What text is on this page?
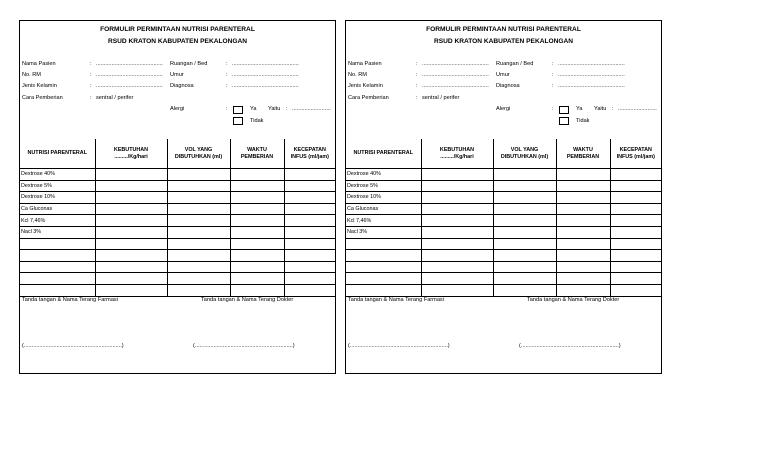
FORMULIR PERMINTAAN NUTRISI PARENTERAL
RSUD KRATON KABUPATEN PEKALONGAN
Nama Pasien	: ........................................... Ruangan / Bed	: ...........................................
No. RM	: ........................................... Umur	: ...........................................
Jenis Kelamin	: ........................................... Diagnosa	: ...........................................
Cara Pemberian	: sentral / perifer
Alergi	:	Ya Yaitu : .........................
Tidak
NUTRISI PARENTERAL	KEBUTUHAN ........./Kg/hari	VOL YANG DIBUTUHKAN (ml)	WAKTU PEMBERIAN	KECEPATAN INFUS (ml/jam)
Dextrose 40%				
Dextrose 5%				
Dextrose 10%				
Ca Gluconas				
Kcl 7,46%				
Nacl 3%				

Tanda tangan & Nama Terang Farmasi	Tanda tangan & Nama Terang Dokter
(...............................................................)	(...............................................................)
FORMULIR PERMINTAAN NUTRISI PARENTERAL
RSUD KRATON KABUPATEN PEKALONGAN
Nama Pasien	: ........................................... Ruangan / Bed	: ...........................................
No. RM	: ........................................... Umur	: ...........................................
Jenis Kelamin	: ........................................... Diagnosa	: ...........................................
Cara Pemberian	: sentral / perifer
Alergi	:	Ya Yaitu : .........................
Tidak
NUTRISI PARENTERAL	KEBUTUHAN ........./Kg/hari	VOL YANG DIBUTUHKAN (ml)	WAKTU PEMBERIAN	KECEPATAN INFUS (ml/jam)
Dextrose 40%				
Dextrose 5%				
Dextrose 10%				
Ca Gluconas				
Kcl 7,46%				
Nacl 3%				

Tanda tangan & Nama Terang Farmasi	Tanda tangan & Nama Terang Dokter
(...............................................................)	(...............................................................)
